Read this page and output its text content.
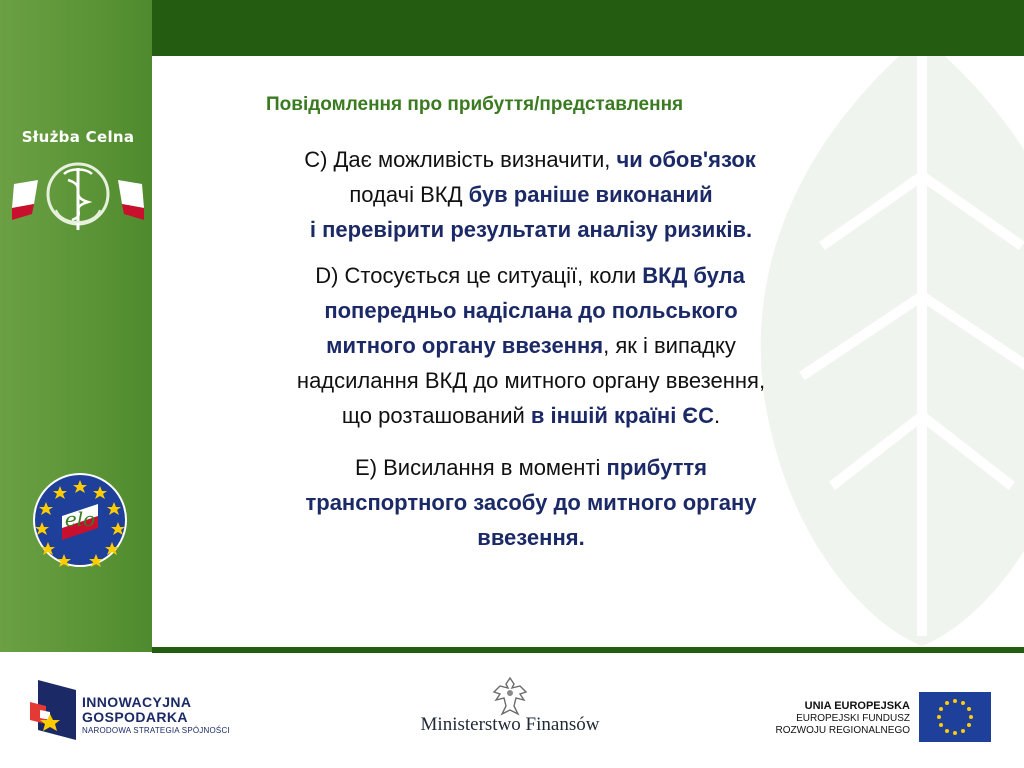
Służba Celna
elo
Повідомлення про прибуття/представлення
С) Дає можливість визначити, чи обов'язок
подачі ВКД був раніше виконаний
і перевірити результати аналізу ризиків.
D) Стосується це ситуації, коли ВКД була
попередньо надіслана до польського
митного органу ввезення, як і випадку
надсилання ВКД до митного органу ввезення,
що розташований в іншій країні ЄС.
Е) Висилання в моменті прибуття
транспортного засобу до митного органу
ввезення.
INNOWACYJNA
GOSPODARKA
NARODOWA STRATEGIA SPÓJNOŚCI	Ministerstwo Finansów
UNIA EUROPEJSKA
EUROPEJSKI FUNDUSZ
ROZWOJU REGIONALNEGO
